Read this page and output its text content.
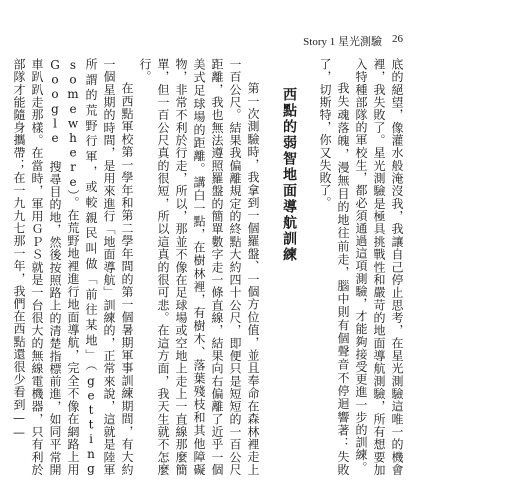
Story 1 星光測驗 26

底的絕望，像灌水般淹沒我，我讓自己停止思考，在星光測驗這唯一的機會裡，我失敗了。星光測驗是極具挑戰性和嚴苛的地面導航測驗，所有想要加入特種部隊的軍校生，都必須通過這項測驗，才能夠接受更進一步的訓練。

我失魂落魄，漫無目的地往前走，腦中則有個聲音不停迴響著：失敗了，切斯特，你又失敗了。

西點的弱智地面導航訓練

第一次測驗時，我拿到一個羅盤、一個方位值，並且奉命在森林裡走上一百公尺。結果我偏離規定的終點大約四十公尺，即便只是短短的一百公尺距離，我也無法遵照羅盤的簡單數字走一條直線，結果向右偏離了近乎一個美式足球場的距離。講白一點，在樹林裡，有樹木、落葉殘枝和其他障礙物，非常不利於行走，所以，那並不像在足球場或空地上走上一直線那麼簡單，但一百公尺真的很短，所以這真的很可悲。在這方面，我天生就不怎麼行。

在西點軍校第一學年和第二學年間的第一個暑期軍事訓練期間，有大約一個星期的時間，是用來進行「地面導航」訓練的，正常來說，這就是陸軍所謂的荒野行軍，或較親民叫做「前往某地」（getting somewhere）。在荒野地裡進行地面導航，完全不像在網路上用 Google 搜尋目的地，然後按照路上的清楚指標前進，如同平常開車趴趴走那樣。在當時，軍用ＧＰＳ就是一台很大的無線電機器，只有利於部隊才能隨身攜帶；在一九九七那一年，我們在西點還很少看到——
